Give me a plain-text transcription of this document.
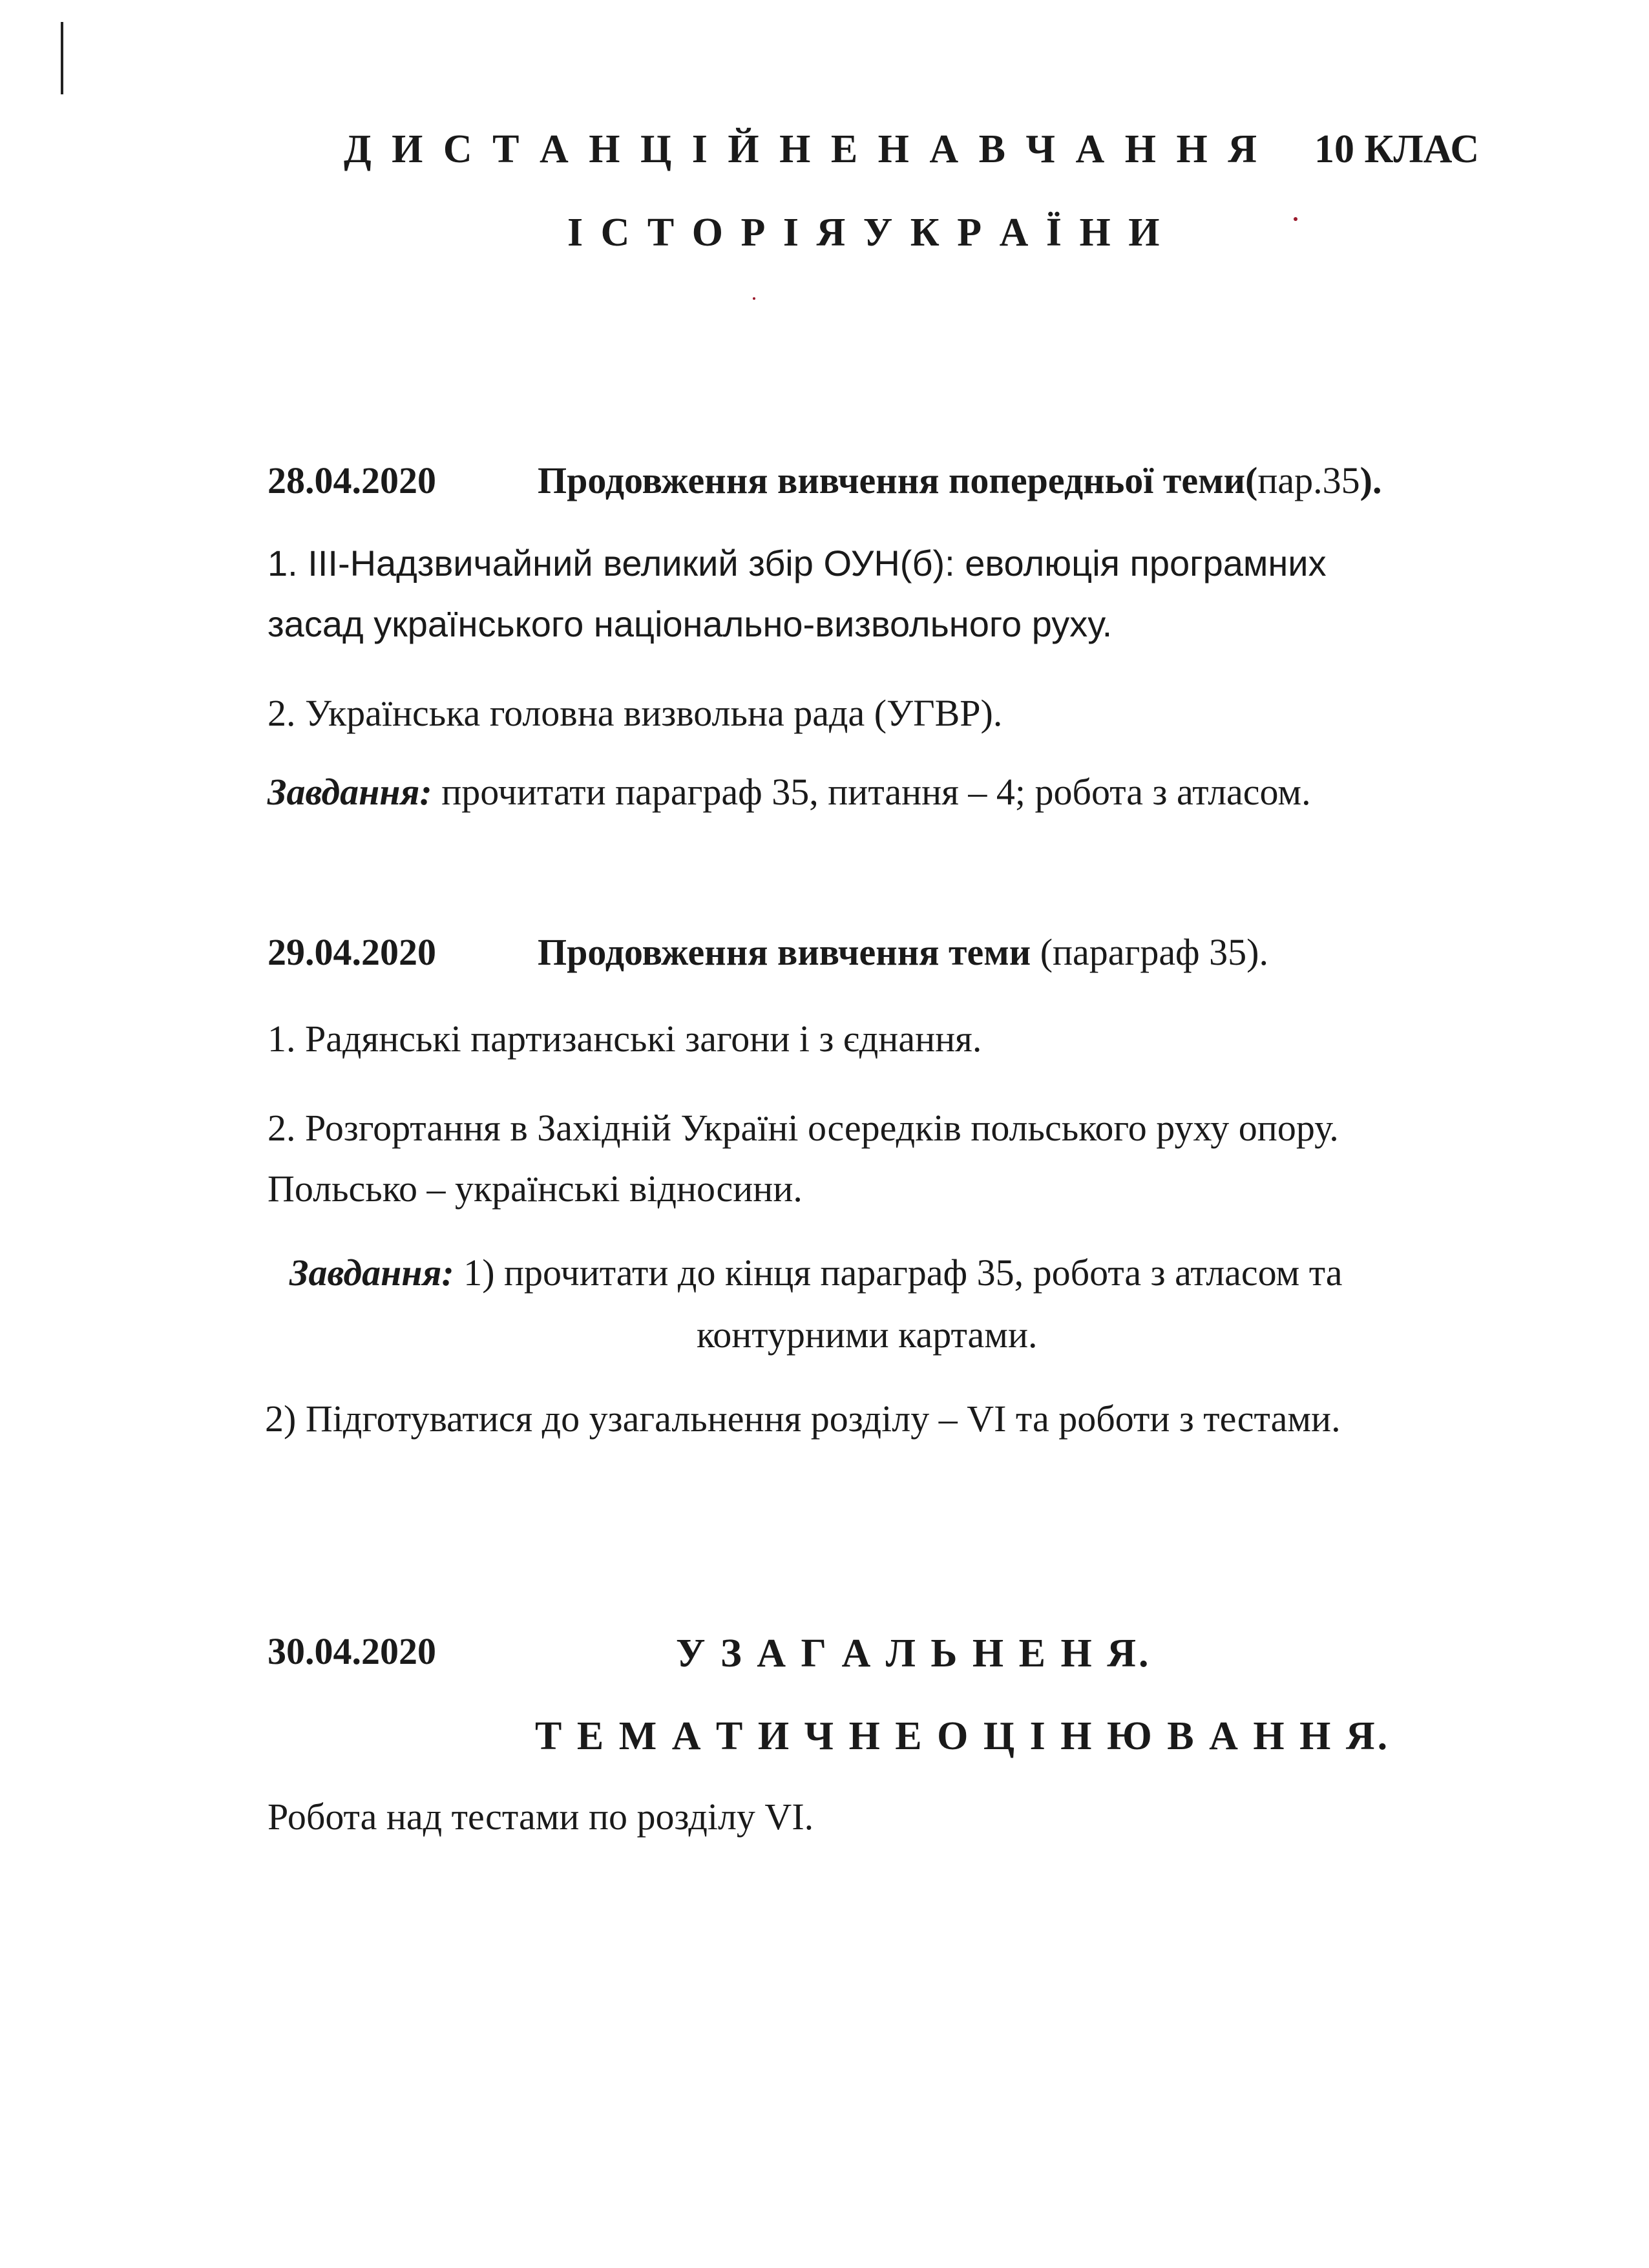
Д И С Т А Н Ц І Й Н Е Н А В Ч А Н Н Я 10 КЛАС
І С Т О Р І Я У К Р А Ї Н И
28.04.2020	Продовження вивчення попередньої теми(пар.35).
1. ІІІ-Надзвичайний великий збір ОУН(б): еволюція програмних
засад українського національно-визвольного руху.
2. Українська головна визвольна рада (УГВР).
Завдання: прочитати параграф 35, питання – 4; робота з атласом.
29.04.2020	Продовження вивчення теми (параграф 35).
1. Радянські партизанські загони і з єднання.
2. Розгортання в Західній Україні осередків польського руху опору.
Польсько – українські відносини.
Завдання: 1) прочитати до кінця параграф 35, робота з атласом та
контурними картами.
2) Підготуватися до узагальнення розділу – VI та роботи з тестами.
30.04.2020	У З А Г А Л Ь Н Е Н Я.
Т Е М А Т И Ч Н Е О Ц І Н Ю В А Н Н Я.
Робота над тестами по розділу VI.
